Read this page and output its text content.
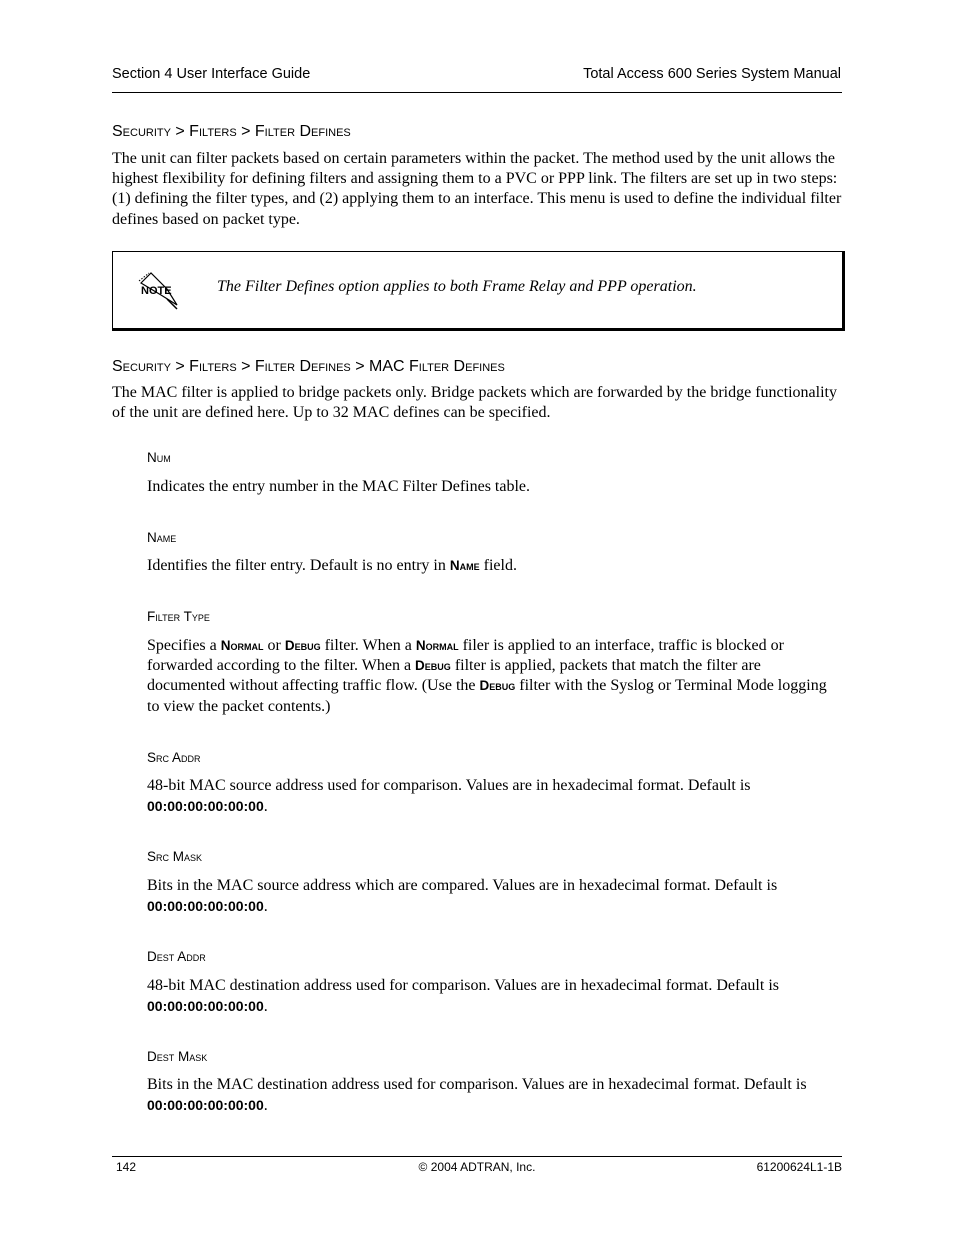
Section 4 User Interface Guide	Total Access 600 Series System Manual
Security > Filters > Filter Defines

The unit can filter packets based on certain parameters within the packet. The method used by the unit allows the highest flexibility for defining filters and assigning them to a PVC or PPP link. The filters are set up in two steps: (1) defining the filter types, and (2) applying them to an interface. This menu is used to define the individual filter defines based on packet type.

NOTE	The Filter Defines option applies to both Frame Relay and PPP operation.
Security > Filters > Filter Defines > MAC Filter Defines

The MAC filter is applied to bridge packets only. Bridge packets which are forwarded by the bridge functionality of the unit are defined here. Up to 32 MAC defines can be specified.

Num

Indicates the entry number in the MAC Filter Defines table.

Name

Identifies the filter entry. Default is no entry in Name field.

Filter Type

Specifies a Normal or Debug filter. When a Normal filer is applied to an interface, traffic is blocked or forwarded according to the filter. When a Debug filter is applied, packets that match the filter are documented without affecting traffic flow. (Use the Debug filter with the Syslog or Terminal Mode logging to view the packet contents.)

Src Addr

48-bit MAC source address used for comparison. Values are in hexadecimal format. Default is 00:00:00:00:00:00.

Src Mask

Bits in the MAC source address which are compared. Values are in hexadecimal format. Default is 00:00:00:00:00:00.

Dest Addr

48-bit MAC destination address used for comparison. Values are in hexadecimal format. Default is 00:00:00:00:00:00.

Dest Mask

Bits in the MAC destination address used for comparison. Values are in hexadecimal format. Default is 00:00:00:00:00:00.

142	© 2004 ADTRAN, Inc.	61200624L1-1B
